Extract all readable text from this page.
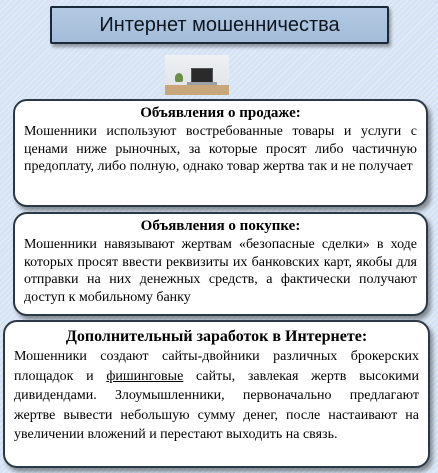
Интернет мошенничества
Объявления о продаже:

Мошенники используют востребованные товары и услуги с ценами ниже рыночных, за которые просят либо частичную предоплату, либо полную, однако товар жертва так и не получает

Объявления о покупке:

Мошенники навязывают жертвам «безопасные сделки» в ходе которых просят ввести реквизиты их банковских карт, якобы для отправки на них денежных средств, а фактически получают доступ к мобильному банку

Дополнительный заработок в Интернете:

Мошенники создают сайты-двойники различных брокерских площадок и фишинговые сайты, завлекая жертв высокими дивидендами. Злоумышленники, первоначально предлагают жертве вывести небольшую сумму денег, после настаивают на увеличении вложений и перестают выходить на связь.
